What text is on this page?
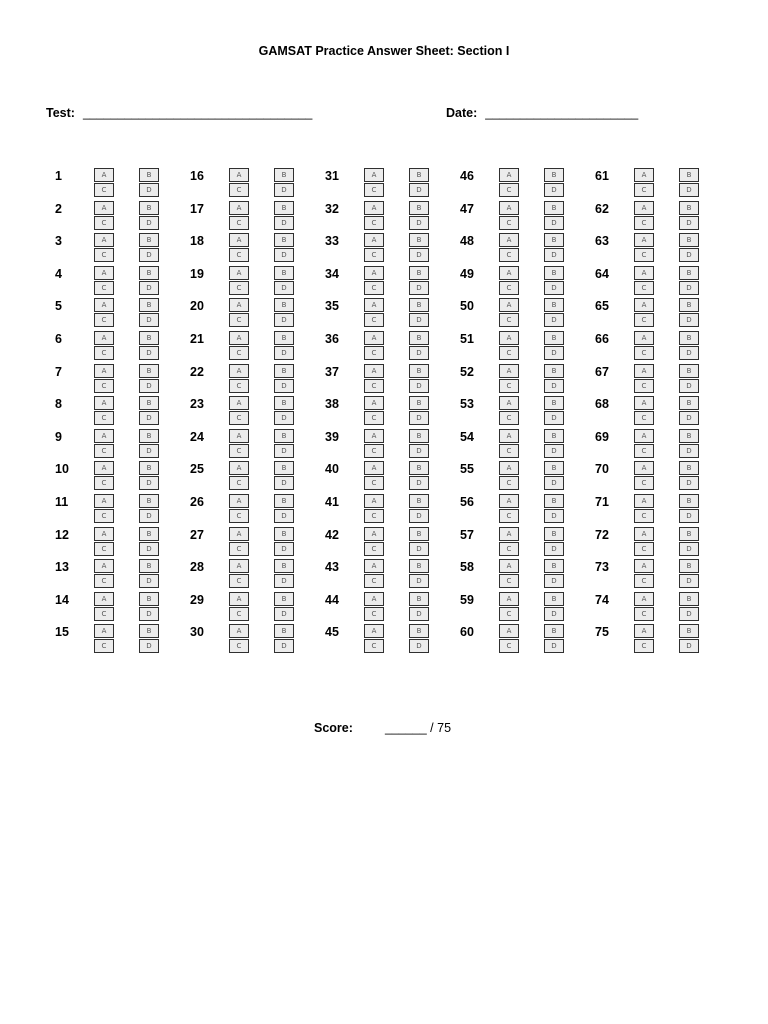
GAMSAT Practice Answer Sheet: Section I
Test: _________________________________	Date: ______________________
1	A	B
C	D
2	A	B
C	D
3	A	B
C	D
4	A	B
C	D
5	A	B
C	D
6	A	B
C	D
7	A	B
C	D
8	A	B
C	D
9	A	B
C	D
10	A	B
C	D
11	A	B
C	D
12	A	B
C	D
13	A	B
C	D
14	A	B
C	D
15	A	B
C	D
16	A	B
C	D
17	A	B
C	D
18	A	B
C	D
19	A	B
C	D
20	A	B
C	D
21	A	B
C	D
22	A	B
C	D
23	A	B
C	D
24	A	B
C	D
25	A	B
C	D
26	A	B
C	D
27	A	B
C	D
28	A	B
C	D
29	A	B
C	D
30	A	B
C	D
31	A	B
C	D
32	A	B
C	D
33	A	B
C	D
34	A	B
C	D
35	A	B
C	D
36	A	B
C	D
37	A	B
C	D
38	A	B
C	D
39	A	B
C	D
40	A	B
C	D
41	A	B
C	D
42	A	B
C	D
43	A	B
C	D
44	A	B
C	D
45	A	B
C	D
46	A	B
C	D
47	A	B
C	D
48	A	B
C	D
49	A	B
C	D
50	A	B
C	D
51	A	B
C	D
52	A	B
C	D
53	A	B
C	D
54	A	B
C	D
55	A	B
C	D
56	A	B
C	D
57	A	B
C	D
58	A	B
C	D
59	A	B
C	D
60	A	B
C	D
61	A	B
C	D
62	A	B
C	D
63	A	B
C	D
64	A	B
C	D
65	A	B
C	D
66	A	B
C	D
67	A	B
C	D
68	A	B
C	D
69	A	B
C	D
70	A	B
C	D
71	A	B
C	D
72	A	B
C	D
73	A	B
C	D
74	A	B
C	D
75	A	B
C	D
Score:	______ / 75
